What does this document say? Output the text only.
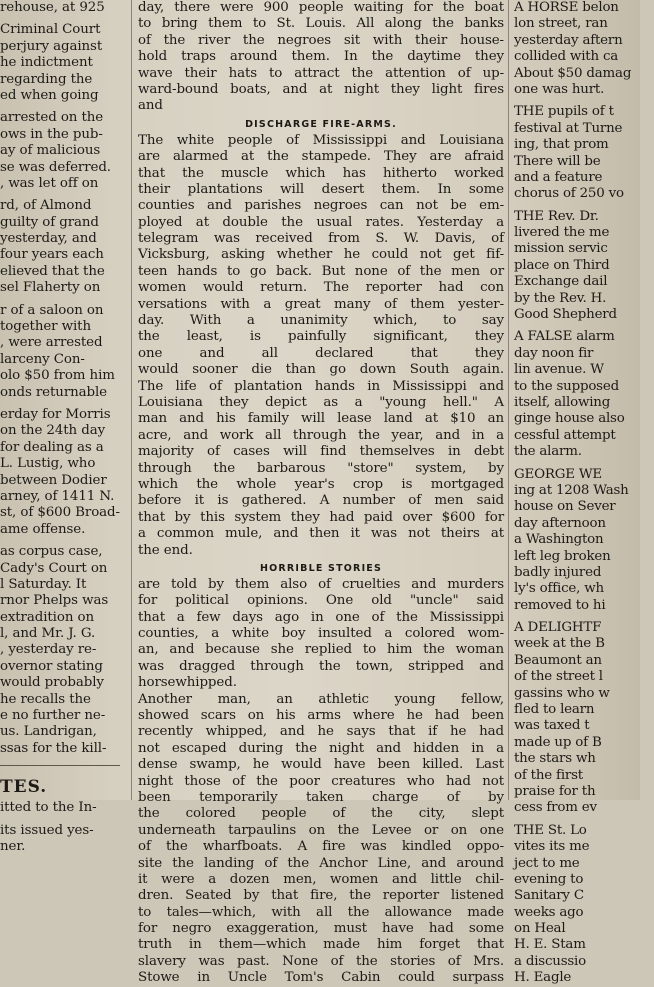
rehouse, at 925
Criminal Court
perjury against
he indictment
regarding the
ed when going
arrested on the
ows in the pub-
ay of malicious
se was deferred.
, was let off on
rd, of Almond
guilty of grand
yesterday, and
four years each
elieved that the
sel Flaherty on
r of a saloon on
together with
, were arrested
larceny Con-
olo $50 from him
onds returnable
erday for Morris
on the 24th day
for dealing as a
L. Lustig, who
between Dodier
arney, of 1411 N.
st, of $600 Broad-
ame offense.
as corpus case,
Cady's Court on
l Saturday. It
rnor Phelps was
extradition on
l, and Mr. J. G.
, yesterday re-
overnor stating
would probably
he recalls the
e no further ne-
us. Landrigan,
ssas for the kill-
TES.
itted to the In-
its issued yes-
ner.
day, there were 900 people waiting for the boat
to bring them to St. Louis. All along the banks
of the river the negroes sit with their house-
hold traps around them. In the daytime they
wave their hats to attract the attention of up-
ward-bound boats, and at night they light fires
and
DISCHARGE FIRE-ARMS.
The white people of Mississippi and Louisiana
are alarmed at the stampede. They are afraid
that the muscle which has hitherto worked
their plantations will desert them. In some
counties and parishes negroes can not be em-
ployed at double the usual rates. Yesterday a
telegram was received from S. W. Davis, of
Vicksburg, asking whether he could not get fif-
teen hands to go back. But none of the men or
women would return. The reporter had con
versations with a great many of them yester-
day. With a unanimity which, to say
the least, is painfully significant, they
one and all declared that they
would sooner die than go down South again.
The life of plantation hands in Mississippi and
Louisiana they depict as a "young hell." A
man and his family will lease land at $10 an
acre, and work all through the year, and in a
majority of cases will find themselves in debt
through the barbarous "store" system, by
which the whole year's crop is mortgaged
before it is gathered. A number of men said
that by this system they had paid over $600 for
a common mule, and then it was not theirs at
the end.
HORRIBLE STORIES
are told by them also of cruelties and murders
for political opinions. One old "uncle" said
that a few days ago in one of the Mississippi
counties, a white boy insulted a colored wom-
an, and because she replied to him the woman
was dragged through the town, stripped and
horsewhipped.
Another man, an athletic young fellow,
showed scars on his arms where he had been
recently whipped, and he says that if he had
not escaped during the night and hidden in a
dense swamp, he would have been killed. Last
night those of the poor creatures who had not
been temporarily taken charge of by
the colored people of the city, slept
underneath tarpaulins on the Levee or on one
of the wharfboats. A fire was kindled oppo-
site the landing of the Anchor Line, and around
it were a dozen men, women and little chil-
dren. Seated by that fire, the reporter listened
to tales—which, with all the allowance made
for negro exaggeration, must have had some
truth in them—which made him forget that
slavery was past. None of the stories of Mrs.
Stowe in Uncle Tom's Cabin could surpass
A HORSE belon
lon street, ran
yesterday aftern
collided with ca
About $50 damag
one was hurt.
THE pupils of t
festival at Turne
ing, that prom
There will be
and a feature
chorus of 250 vo
THE Rev. Dr.
livered the me
mission servic
place on Third
Exchange dail
by the Rev. H.
Good Shepherd
A FALSE alarm
day noon fir
lin avenue. W
to the supposed
itself, allowing
ginge house also
cessful attempt
the alarm.
GEORGE WE
ing at 1208 Wash
house on Sever
day afternoon
a Washington
left leg broken
badly injured
ly's office, wh
removed to hi
A DELIGHTF
week at the B
Beaumont an
of the street l
gassins who w
fled to learn
was taxed t
made up of B
the stars wh
of the first
praise for th
cess from ev
THE St. Lo
vites its me
ject to me
evening to
Sanitary C
weeks ago
on Heal
H. E. Stam
a discussio
H. Eagle
